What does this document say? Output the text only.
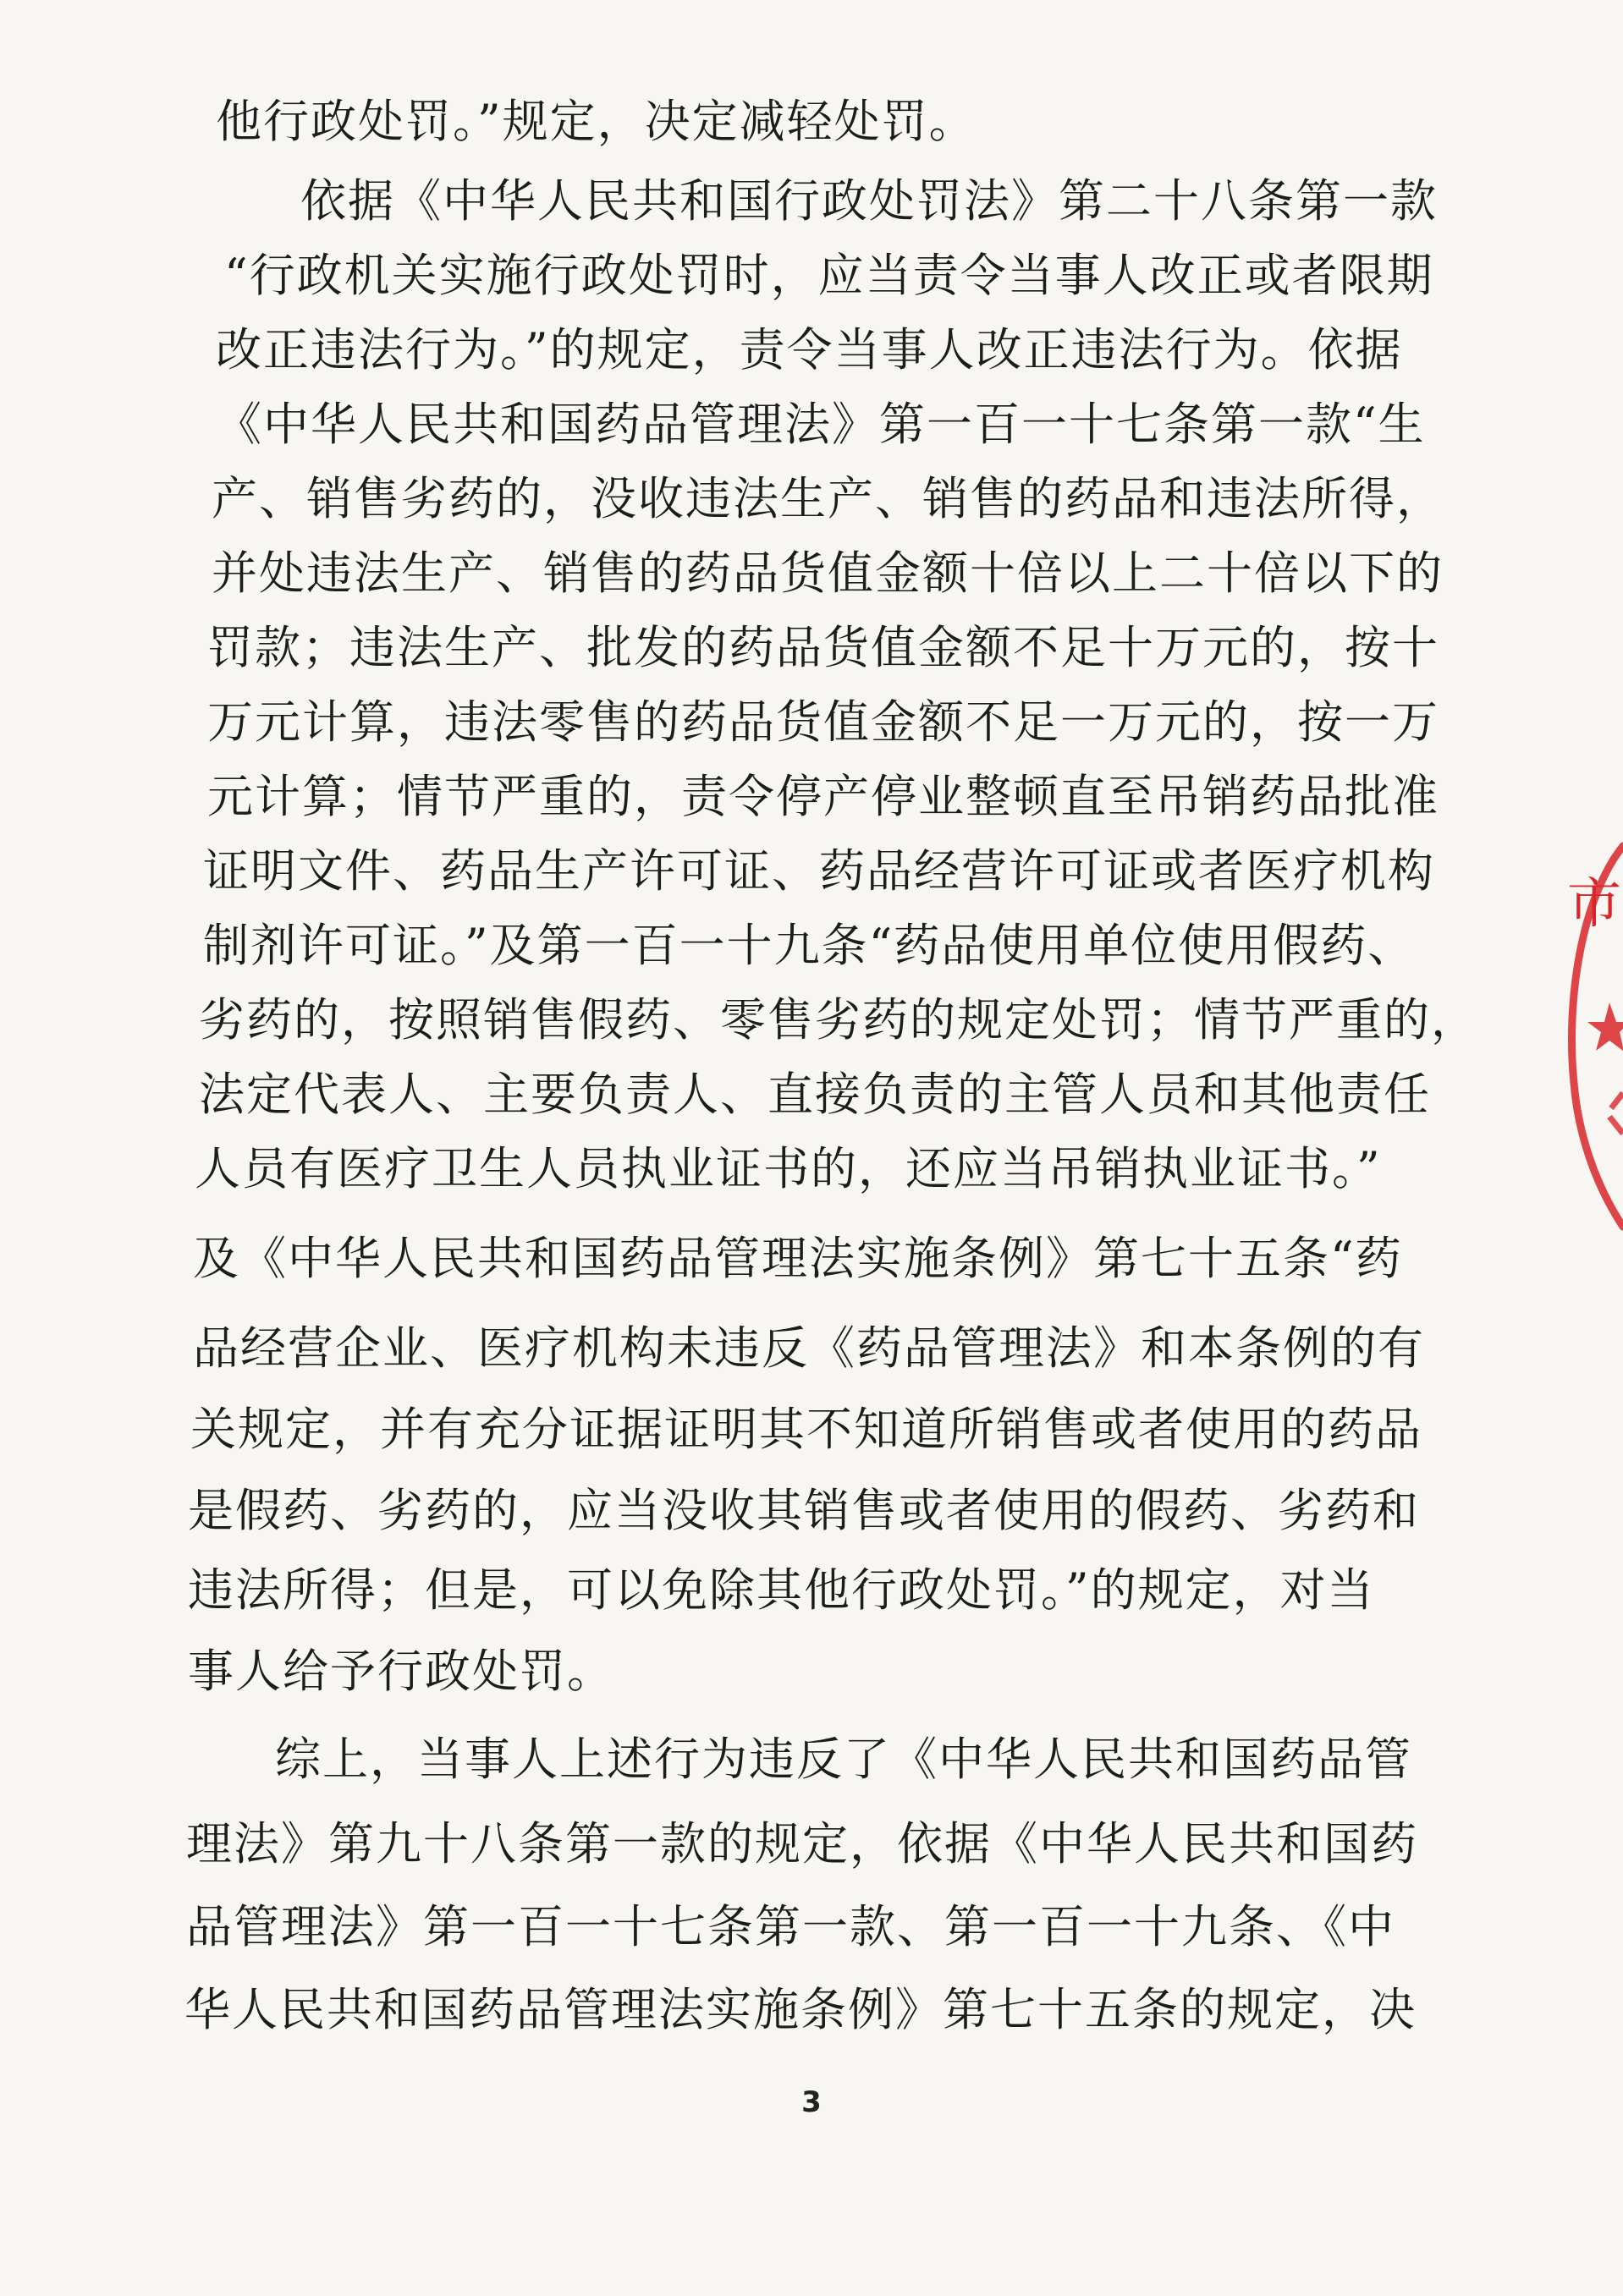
他行政处罚。”规定，决定减轻处罚。
依据《中华人民共和国行政处罚法》第二十八条第一款
“行政机关实施行政处罚时，应当责令当事人改正或者限期
改正违法行为。”的规定，责令当事人改正违法行为。依据
《中华人民共和国药品管理法》第一百一十七条第一款“生
产、销售劣药的，没收违法生产、销售的药品和违法所得，
并处违法生产、销售的药品货值金额十倍以上二十倍以下的
罚款；违法生产、批发的药品货值金额不足十万元的，按十
万元计算，违法零售的药品货值金额不足一万元的，按一万
元计算；情节严重的，责令停产停业整顿直至吊销药品批准
证明文件、药品生产许可证、药品经营许可证或者医疗机构
制剂许可证。”及第一百一十九条“药品使用单位使用假药、
劣药的，按照销售假药、零售劣药的规定处罚；情节严重的，
法定代表人、主要负责人、直接负责的主管人员和其他责任
人员有医疗卫生人员执业证书的，还应当吊销执业证书。”
及《中华人民共和国药品管理法实施条例》第七十五条“药
品经营企业、医疗机构未违反《药品管理法》和本条例的有
关规定，并有充分证据证明其不知道所销售或者使用的药品
是假药、劣药的，应当没收其销售或者使用的假药、劣药和
违法所得；但是，可以免除其他行政处罚。”的规定，对当
事人给予行政处罚。
综上，当事人上述行为违反了《中华人民共和国药品管
理法》第九十八条第一款的规定，依据《中华人民共和国药
品管理法》第一百一十七条第一款、第一百一十九条、《中
华人民共和国药品管理法实施条例》第七十五条的规定，决
3
市
